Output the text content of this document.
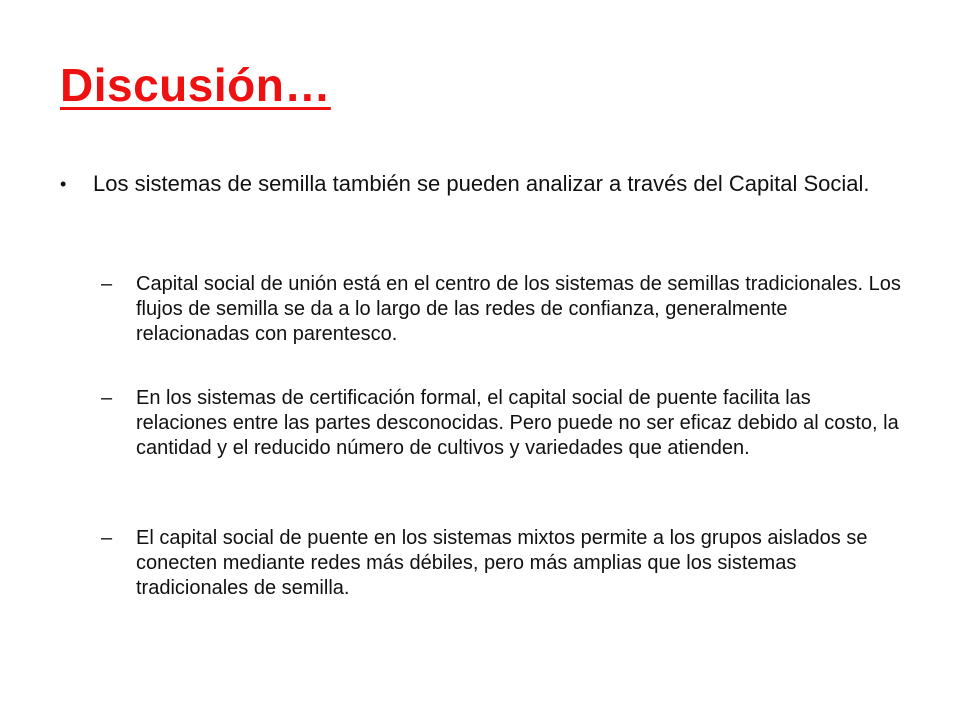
Discusión…
•	Los sistemas de semilla también se pueden analizar a través del Capital Social.
–	Capital social de unión está en el centro de los sistemas de semillas tradicionales. Los flujos de semilla se da a lo largo de las redes de confianza, generalmente relacionadas con parentesco.
–	En los sistemas de certificación formal, el capital social de puente facilita las relaciones entre las partes desconocidas. Pero puede no ser eficaz debido al costo, la cantidad y el reducido número de cultivos y variedades que atienden.
–	El capital social de puente en los sistemas mixtos permite a los grupos aislados se conecten mediante redes más débiles, pero más amplias que los sistemas tradicionales de semilla.
